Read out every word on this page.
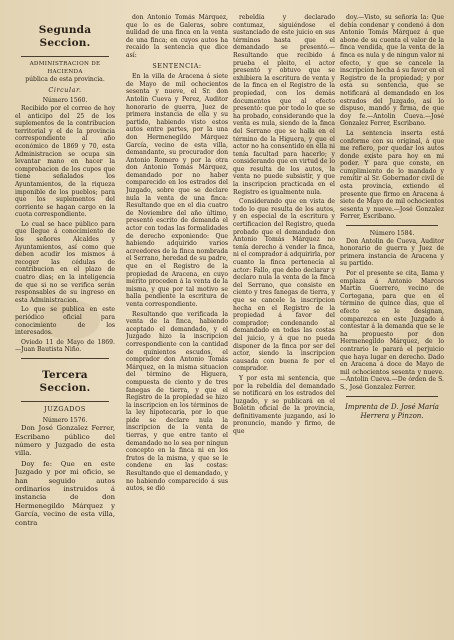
Segunda Seccion.
ADMINISTRACION DE HACIENDA
pública de esta provincia.
Circular.
Número 1560.

Recibido por el correo de hoy el anticipo del 25 de los suplementos de la contribucion territorial y el de la provincia correspondiente al año económico de 1869 y 70, esta Administracion se ocupa sin levantar mano en hacer la comprobacion de los cupos que tiene señalados los Ayuntamientos, de la riqueza imponible de los pueblos; para que los suplementos del corriente se hagan cargo en la cuota correspondiente.

Lo cual se hace público para que llegue á conocimiento de los señores Alcaldes y Ayuntamientos, así como que deben acudir los mismos á recoger las cédulas de contribucion en el plazo de cuatro dias; en la inteligencia de que si no se verifica serán responsables de su ingreso en esta Administracion.

Lo que se publica en este periódico oficial para conocimiento de los interesados.

Oviedo 11 de Mayo de 1869.—Juan Bautista Niño.

Tercera Seccion.
JUZGADOS
Número 1576.

Don José Gonzalez Ferrer, Escribano público del número y Juzgado de esta villa.

Doy fe: Que en este Juzgado y por mi oficio, se han seguido autos ordinarios instruidos á instancia de don Hermenegildo Márquez y García, vecino de esta villa, contra

don Antonio Tomás Márquez, que lo es de Galeras, sobre nulidad de una finca en la venta de una finca; en cuyos autos ha recaido la sentencia que dice así:

SENTENCIA:

En la villa de Aracena á siete de Mayo de mil ochocientos sesenta y nueve, el Sr. don Antolin Cueva y Perez, Auditor honorario de guerra, Juez de primera instancia de ella y su partido, habiendo visto estos autos entre partes, por la una don Hermenegildo Márquez García, vecino de esta villa, demandante, su procurador don Antonio Romero y por la otra don Antonio Tomás Márquez, demandado por no haber comparecido en los estrados del Juzgado, sobre que se declare nula la venta de una finca: Resultando que en el dia cuatro de Noviembre del año último, presentó escrito de demanda el actor con todas las formalidades de derecho exponiendo: Que habiendo adquirido varios acreedores de la finca nombrada el Serrano, heredad de su padre, que en el Registro de la propiedad de Aracena, en cuyo mérito proceden á la venta de la misma, y que por tal motivo se halla pendiente la escritura de venta correspondiente.

Resultando que verificada la venta de la finca, habiendo aceptado el demandado, y el Juzgado hizo la inscripcion correspondiente con la cantidad de quinientos escudos, el comprador don Antonio Tomás Márquez, en la misma situacion del término de Higuera, compuesta de ciento y de tres fanegas de tierra, y que el Registro de la propiedad se hizo la inscripcion en los términos de la ley hipotecaria, por lo que pide se declare nula la inscripcion de la venta de tierras, y que entre tanto el demandado no lo sea por ningun concepto en la finca ni en los frutos de la misma, y que se le condene en las costas: Resultando que el demandado, y no habiendo comparecido á sus autos, se dió

rebeldía y declarado contumaz, siguiéndose el sustanciado de este juicio en sus términos hasta que el demandado se presentó.—Resultando que recibido á prueba el pleito, el actor presentó y obtuvo que se exhibiera la escritura de venta y de la finca en el Registro de la propiedad, con los demás documentos que al efecto presentó: que por todo lo que se ha probado, considerando que la venta es nula, siendo de la finca del Serrano que se halla en el término de la Higuera, y que el actor no ha consentido en ella ni tenía facultad para hacerlo; y considerando que en virtud de lo que resulta de los autos, la venta no puede subsistir, y que la inscripcion practicada en el Registro es igualmente nula.

Considerando que en vista de todo lo que resulta de los autos, y en especial de la escritura y certificacion del Registro, queda probado que el demandado don Antonio Tomás Márquez no tenía derecho á vender la finca, ni el comprador á adquirirla, por cuanto la finca pertenecía al actor: Fallo, que debo declarar y declaro nula la venta de la finca del Serrano, que consiste en ciento y tres fanegas de tierra, y que se cancele la inscripcion hecha en el Registro de la propiedad á favor del comprador; condenando al demandado en todas las costas del juicio, y á que no pueda disponer de la finca por ser del actor, siendo la inscripcion causada con buena fe por el comprador.

Y por esta mi sentencia, que por la rebeldía del demandado se notificará en los estrados del Juzgado, y se publicará en el Boletin oficial de la provincia, definitivamente juzgando, así lo pronuncio, mando y firmo, de que

doy.—Visto, su señoría la: Que debía condenar y condenó á don Antonio Tomás Márquez á que abone de su cuenta el valor de la finca vendida, que la venta de la finca es nula y de ningun valor ni efecto, y que se cancele la inscripcion hecha á su favor en el Registro de la propiedad; y por esta su sentencia, que se notificará al demandado en los estrados del Juzgado, así lo dispuso, mandó y firma, de que doy fe.—Antolin Cueva.—José Gonzalez Ferrer, Escribano.

La sentencia inserta está conforme con su original, á que me refiero, por quedar los autos donde existe para hoy en mi poder. Y para que conste, en cumplimiento de lo mandado y remitir al Sr. Gobernador civil de esta provincia, extiendo el presente que firmo en Aracena á siete de Mayo de mil ochocientos sesenta y nueve.—José Gonzalez Ferrer, Escribano.

Número 1584.

Don Antolin de Cueva, Auditor honorario de guerra y Juez de primera instancia de Aracena y su partido.

Por el presente se cita, llama y emplaza á Antonio Marcos Martín Guerrero, vecino de Cortegana, para que en el término de quince días, que el efecto se le designan, comparezca en este Juzgado á contestar á la demanda que se le ha propuesto por don Hermenegildo Márquez, de lo contrario le parará el perjuicio que haya lugar en derecho. Dado en Aracena á doce de Mayo de mil ochocientos sesenta y nueve.—Antolin Cueva.—De órden de S. S., José Gonzalez Ferrer.

Imprenta de D. José María Herrera y Pinzon.
